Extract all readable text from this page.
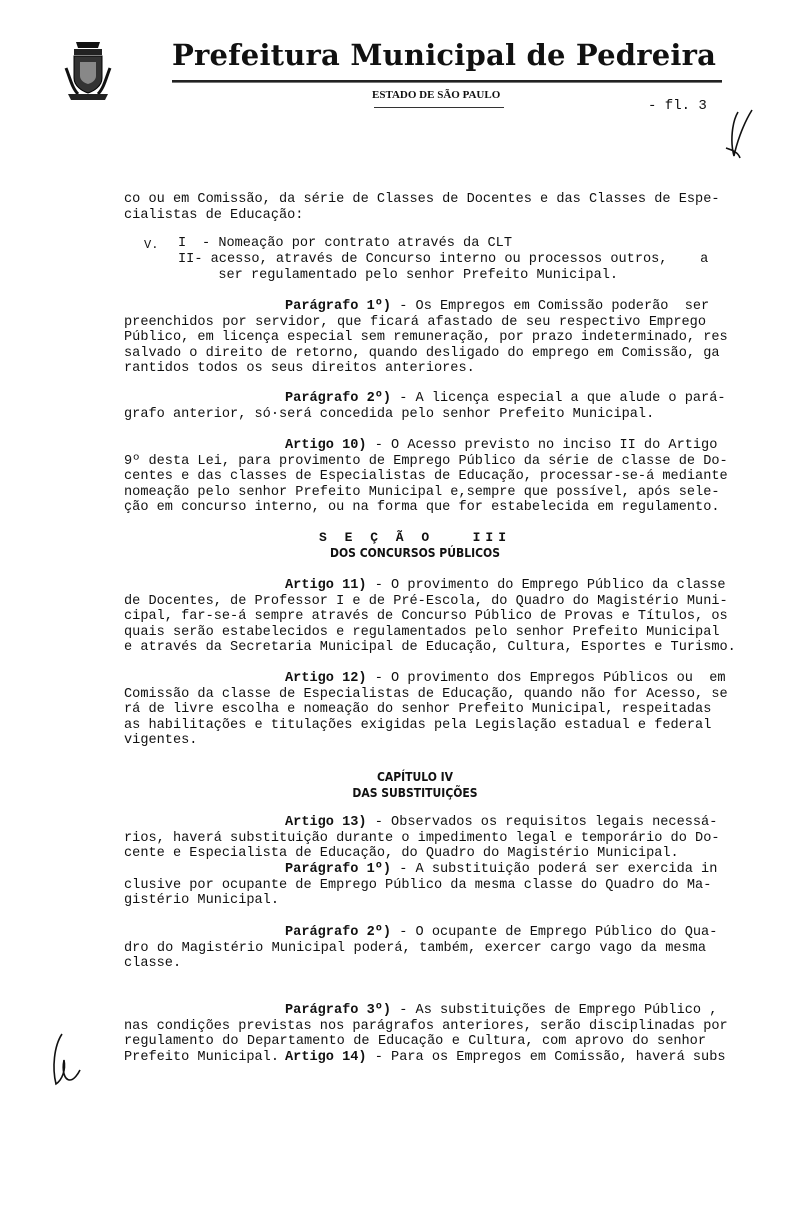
Prefeitura Municipal de Pedreira
ESTADO DE SÃO PAULO
- fl. 3
co ou em Comissão, da série de Classes de Docentes e das Classes de Espe-
cialistas de Educação:
V. I	- Nomeação por contrato através da CLT
II - acesso, através de Concurso interno ou processos outros,    a
ser regulamentado pelo senhor Prefeito Municipal.
Parágrafo 1º) - Os Empregos em Comissão poderão  ser
preenchidos por servidor, que ficará afastado de seu respectivo Emprego
Público, em licença especial sem remuneração, por prazo indeterminado, res
salvado o direito de retorno, quando desligado do emprego em Comissão, ga
rantidos todos os seus direitos anteriores.
Parágrafo 2º) - A licença especial a que alude o pará-
grafo anterior, só·será concedida pelo senhor Prefeito Municipal.
Artigo 10) - O Acesso previsto no inciso II do Artigo
9º desta Lei, para provimento de Emprego Público da série de classe de Do-
centes e das classes de Especialistas de Educação, processar-se-á mediante
nomeação pelo senhor Prefeito Municipal e,sempre que possível, após sele-
ção em concurso interno, ou na forma que for estabelecida em regulamento.
S E Ç Ã O   III
DOS CONCURSOS PÚBLICOS
Artigo 11) - O provimento do Emprego Público da classe
de Docentes, de Professor I e de Pré-Escola, do Quadro do Magistério Muni-
cipal, far-se-á sempre através de Concurso Público de Provas e Títulos, os
quais serão estabelecidos e regulamentados pelo senhor Prefeito Municipal
e através da Secretaria Municipal de Educação, Cultura, Esportes e Turismo.
Artigo 12) - O provimento dos Empregos Públicos ou  em
Comissão da classe de Especialistas de Educação, quando não for Acesso, se
rá de livre escolha e nomeação do senhor Prefeito Municipal, respeitadas
as habilitações e titulações exigidas pela Legislação estadual e federal
vigentes.
CAPÍTULO IV
DAS SUBSTITUIÇÕES
Artigo 13) - Observados os requisitos legais necessá-
rios, haverá substituição durante o impedimento legal e temporário do Do-
cente e Especialista de Educação, do Quadro do Magistério Municipal.
Parágrafo 1º) - A substituição poderá ser exercida in
clusive por ocupante de Emprego Público da mesma classe do Quadro do Ma-
gistério Municipal.
Parágrafo 2º) - O ocupante de Emprego Público do Qua-
dro do Magistério Municipal poderá, também, exercer cargo vago da mesma
classe.
Parágrafo 3º) - As substituições de Emprego Público ,
nas condições previstas nos parágrafos anteriores, serão disciplinadas por
regulamento do Departamento de Educação e Cultura, com aprovo do senhor
Prefeito Municipal. Artigo 14) - Para os Empregos em Comissão, haverá subs
